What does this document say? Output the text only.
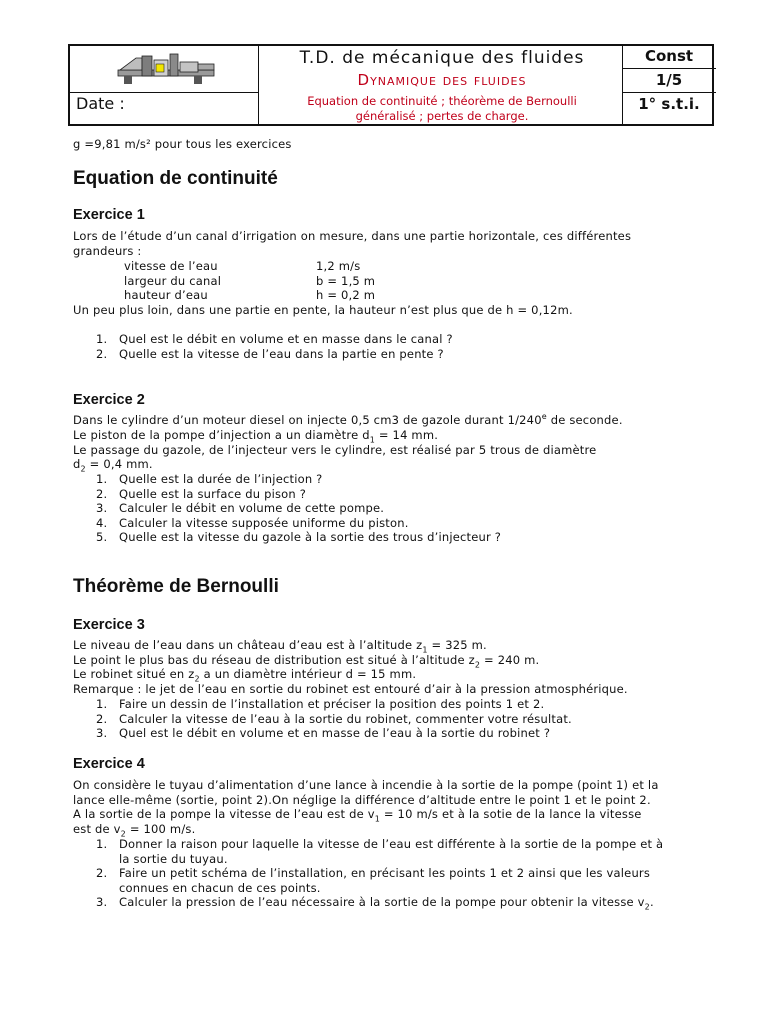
Date :
T.D. de mécanique des fluides
Dynamique des fluides
Equation de continuité ; théorème de Bernoulli
généralisé ; pertes de charge.
Const
1/5
1° s.t.i.
g =9,81 m/s² pour tous les exercices
Equation de continuité
Exercice 1
Lors de l’étude d’un canal d’irrigation on mesure, dans une partie horizontale, ces différentes
grandeurs :
vitesse de l’eau	1,2 m/s
largeur du canal	b = 1,5 m
hauteur d’eau	h = 0,2 m
Un peu plus loin, dans une partie en pente, la hauteur n’est plus que de h = 0,12m.
1. Quel est le débit en volume et en masse dans le canal ?
2. Quelle est la vitesse de l’eau dans la partie en pente ?
Exercice 2
Dans le cylindre d’un moteur diesel on injecte 0,5 cm3 de gazole durant 1/240e de seconde.
Le piston de la pompe d’injection a un diamètre $d_1 = 14$ mm.
Le passage du gazole, de l’injecteur vers le cylindre, est réalisé par 5 trous de diamètre
$d_2 = 0,4$ mm.
1. Quelle est la durée de l’injection ?
2. Quelle est la surface du pison ?
3. Calculer le débit en volume de cette pompe.
4. Calculer la vitesse supposée uniforme du piston.
5. Quelle est la vitesse du gazole à la sortie des trous d’injecteur ?
Théorème de Bernoulli
Exercice 3
Le niveau de l’eau dans un château d’eau est à l’altitude $z_1 = 325$ m.
Le point le plus bas du réseau de distribution est situé à l’altitude $z_2 = 240$ m.
Le robinet situé en $z_2$ a un diamètre intérieur d = 15 mm.
Remarque : le jet de l’eau en sortie du robinet est entouré d’air à la pression atmosphérique.
1. Faire un dessin de l’installation et préciser la position des points 1 et 2.
2. Calculer la vitesse de l’eau à la sortie du robinet, commenter votre résultat.
3. Quel est le débit en volume et en masse de l’eau à la sortie du robinet ?
Exercice 4
On considère le tuyau d’alimentation d’une lance à incendie à la sortie de la pompe (point 1) et la
lance elle-même (sortie, point 2).On néglige la différence d’altitude entre le point 1 et le point 2.
A la sortie de la pompe la vitesse de l’eau est de $v_1 = 10$ m/s et à la sotie de la lance la vitesse
est de $v_2 = 100$ m/s.
1. Donner la raison pour laquelle la vitesse de l’eau est différente à la sortie de la pompe et à
la sortie du tuyau.
2. Faire un petit schéma de l’installation, en précisant les points 1 et 2 ainsi que les valeurs
connues en chacun de ces points.
3. Calculer la pression de l’eau nécessaire à la sortie de la pompe pour obtenir la vitesse $v_2$.
